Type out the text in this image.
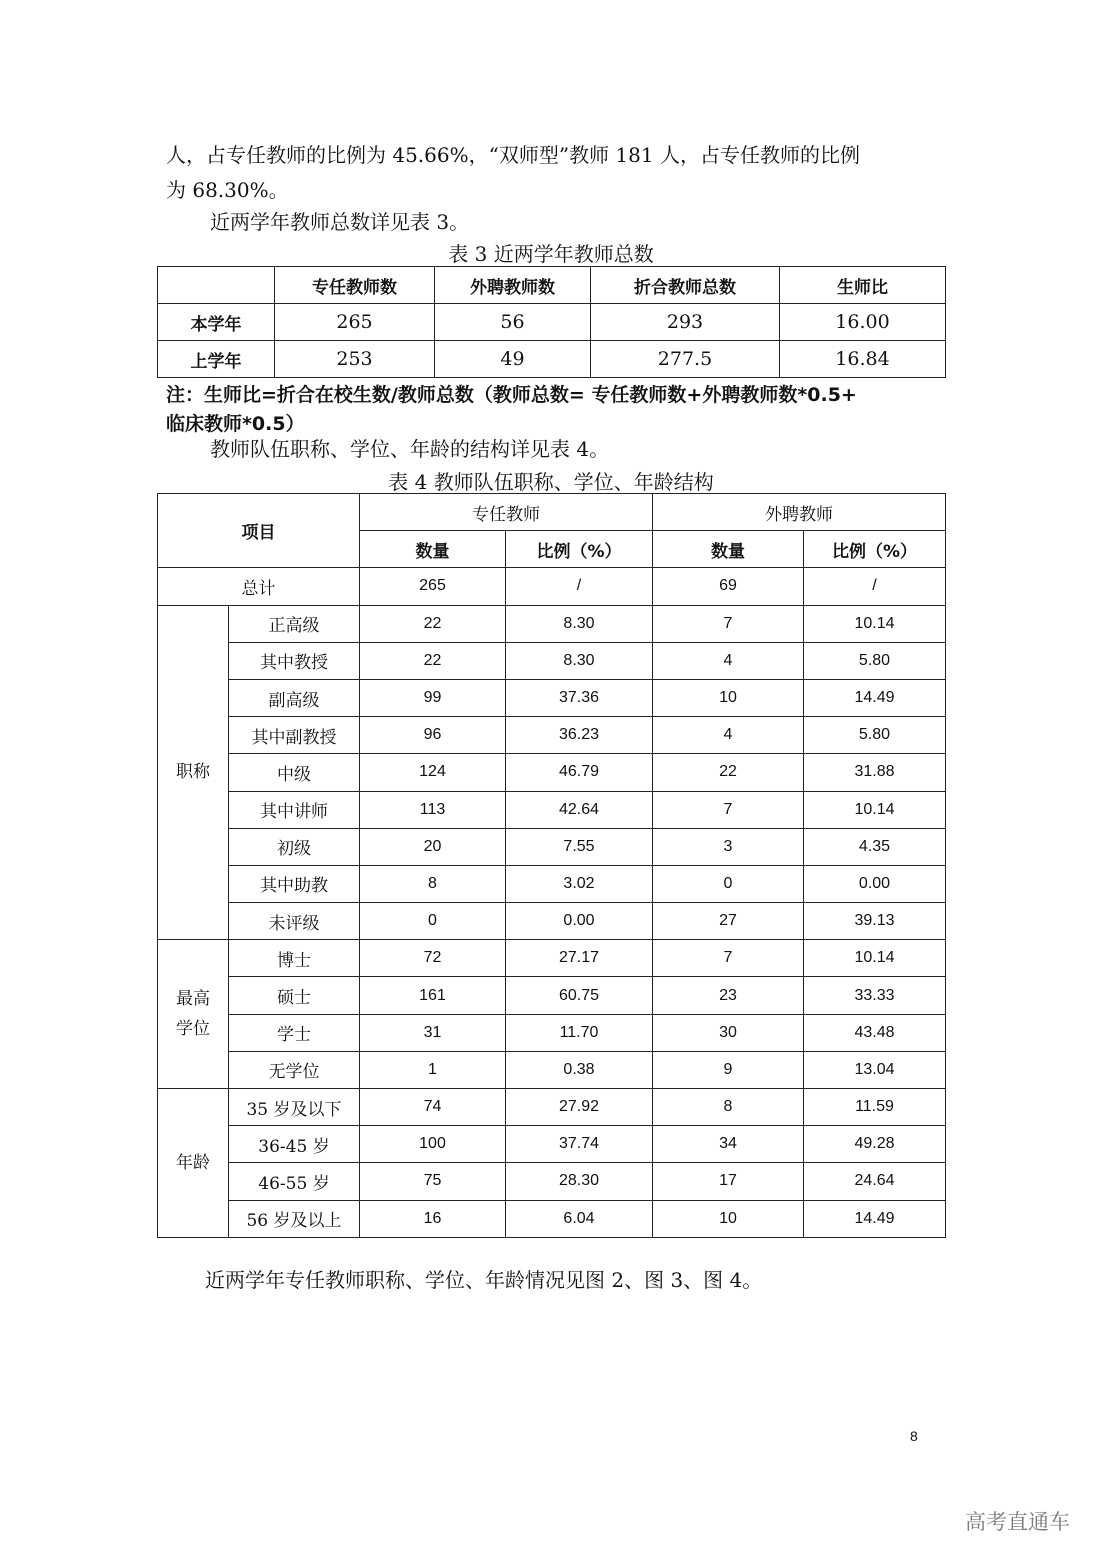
人，占专任教师的比例为 45.66%，“双师型”教师 181 人，占专任教师的比例
为 68.30%。
近两学年教师总数详见表 3。
表 3 近两学年教师总数
	专任教师数	外聘教师数	折合教师总数	生师比
本学年	265	56	293	16.00
上学年	253	49	277.5	16.84
注：生师比=折合在校生数/教师总数（教师总数= 专任教师数+外聘教师数*0.5+
临床教师*0.5）
教师队伍职称、学位、年龄的结构详见表 4。
表 4 教师队伍职称、学位、年龄结构
项目		专任教师		外聘教师	
		数量	比例（%）	数量	比例（%）
总计		265	/	69	/
职称	正高级	22	8.30	7	10.14
	其中教授	22	8.30	4	5.80
	副高级	99	37.36	10	14.49
	其中副教授	96	36.23	4	5.80
	中级	124	46.79	22	31.88
	其中讲师	113	42.64	7	10.14
	初级	20	7.55	3	4.35
	其中助教	8	3.02	0	0.00
	未评级	0	0.00	27	39.13
最高学位	博士	72	27.17	7	10.14
	硕士	161	60.75	23	33.33
	学士	31	11.70	30	43.48
	无学位	1	0.38	9	13.04
年龄	35 岁及以下	74	27.92	8	11.59
	36-45 岁	100	37.74	34	49.28
	46-55 岁	75	28.30	17	24.64
	56 岁及以上	16	6.04	10	14.49
近两学年专任教师职称、学位、年龄情况见图 2、图 3、图 4。
8
高考直通车
